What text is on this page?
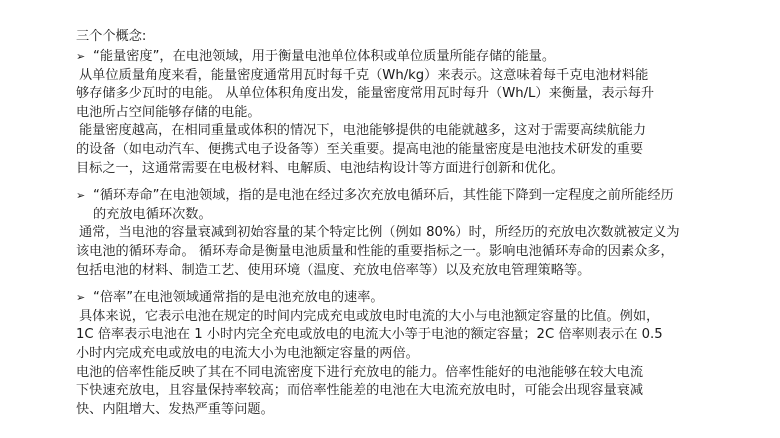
三个个概念:
➢ “能量密度”，在电池领域，用于衡量电池单位体积或单位质量所能存储的能量。
从单位质量角度来看，能量密度通常用瓦时每千克（Wh/kg）来表示。这意味着每千克电池材料能
够存储多少瓦时的电能。 从单位体积角度出发，能量密度常用瓦时每升（Wh/L）来衡量，表示每升
电池所占空间能够存储的电能。
能量密度越高，在相同重量或体积的情况下，电池能够提供的电能就越多，这对于需要高续航能力
的设备（如电动汽车、便携式电子设备等）至关重要。提高电池的能量密度是电池技术研发的重要
目标之一，这通常需要在电极材料、电解质、电池结构设计等方面进行创新和优化。
➢ “循环寿命”在电池领域，指的是电池在经过多次充放电循环后，其性能下降到一定程度之前所能经历
的充放电循环次数。
通常，当电池的容量衰减到初始容量的某个特定比例（例如 80%）时，所经历的充放电次数就被定义为
该电池的循环寿命。 循环寿命是衡量电池质量和性能的重要指标之一。影响电池循环寿命的因素众多，
包括电池的材料、制造工艺、使用环境（温度、充放电倍率等）以及充放电管理策略等。
➢ “倍率”在电池领域通常指的是电池充放电的速率。
具体来说，它表示电池在规定的时间内完成充电或放电时电流的大小与电池额定容量的比值。例如，
1C 倍率表示电池在 1 小时内完全充电或放电的电流大小等于电池的额定容量；2C 倍率则表示在 0.5
小时内完成充电或放电的电流大小为电池额定容量的两倍。
电池的倍率性能反映了其在不同电流密度下进行充放电的能力。倍率性能好的电池能够在较大电流
下快速充放电，且容量保持率较高；而倍率性能差的电池在大电流充放电时，可能会出现容量衰减
快、内阻增大、发热严重等问题。
